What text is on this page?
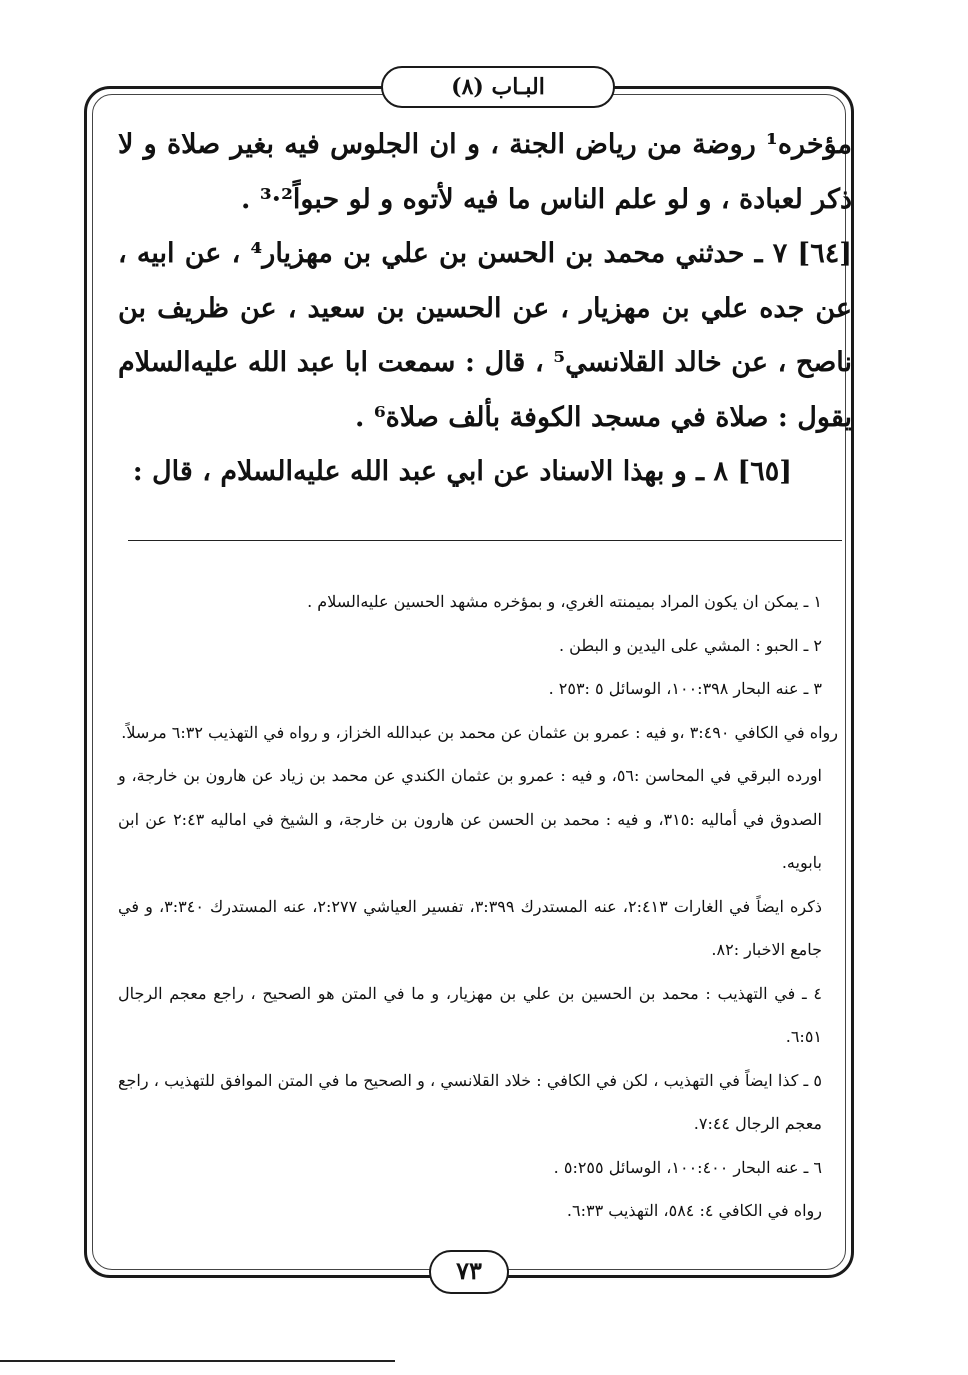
البـاب (٨)

مؤخره¹ روضة من رياض الجنة ، و ان الجلوس فيه بغير صلاة و لا ذكر لعبادة ، و لو علم الناس ما فيه لأتوه و لو حبواً²·³ .

[٦٤] ٧ ـ حدثني محمد بن الحسن بن علي بن مهزيار⁴ ، عن ابيه ، عن جده علي بن مهزيار ، عن الحسين بن سعيد ، عن ظريف بن ناصح ، عن خالد القلانسي⁵ ، قال : سمعت ابا عبد الله عليه‌السلام يقول : صلاة في مسجد الكوفة بألف صلاة⁶ .

[٦٥] ٨ ـ و بهذا الاسناد عن ابي عبد الله عليه‌السلام ، قال :

١ ـ يمكن ان يكون المراد بميمنته الغري، و بمؤخره مشهد الحسين عليه‌السلام .

٢ ـ الحبو : المشي على اليدين و البطن .

٣ ـ عنه البحار ١٠٠:٣٩٨، الوسائل ٥ :٢٥٣ .

رواه في الكافي ٣:٤٩٠ ،و فيه : عمرو بن عثمان عن محمد بن عبدالله الخزاز، و رواه في التهذيب ٦:٣٢ مرسلاً.

اورده البرقي في المحاسن :٥٦، و فيه : عمرو بن عثمان الكندي عن محمد بن زياد عن هارون بن خارجة، و الصدوق في أماليه :٣١٥، و فيه : محمد بن الحسن عن هارون بن خارجة، و الشيخ في اماليه ٢:٤٣ عن ابن بابويه.

ذكره ايضاً في الغارات ٢:٤١٣، عنه المستدرك ٣:٣٩٩، تفسير العياشي ٢:٢٧٧، عنه المستدرك ٣:٣٤٠، و في جامع الاخبار :٨٢.

٤ ـ في التهذيب : محمد بن الحسين بن علي بن مهزيار، و ما في المتن هو الصحيح ، راجع معجم الرجال ٦:٥١.

٥ ـ كذا ايضاً في التهذيب ، لكن في الكافي : خلاد القلانسي ، و الصحيح ما في المتن الموافق للتهذيب ، راجع معجم الرجال ٧:٤٤.

٦ ـ عنه البحار ١٠٠:٤٠٠، الوسائل ٥:٢٥٥ .

رواه في الكافي ٤: ٥٨٤، التهذيب ٦:٣٣.

٧٣
